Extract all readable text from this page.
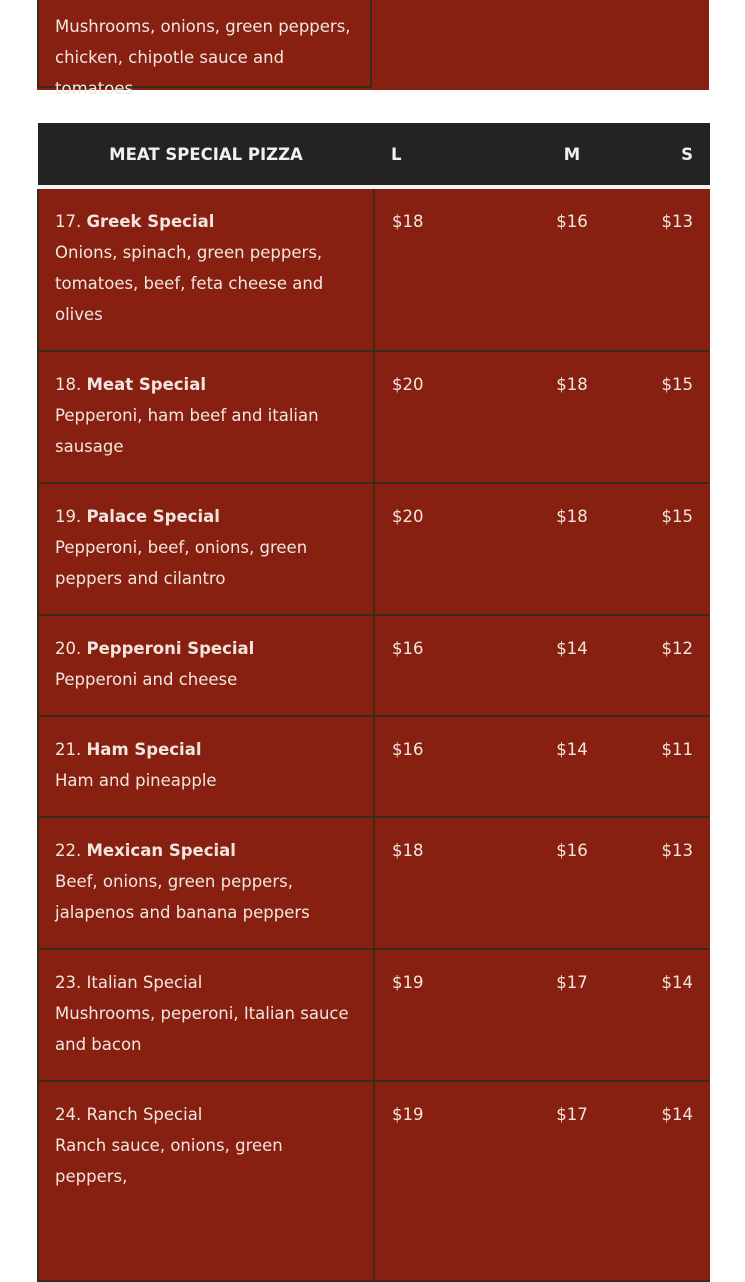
Mushrooms, onions, green peppers, chicken, chipotle sauce and tomatoes
MEAT SPECIAL PIZZA	L	M	S
17. Greek Special
Onions, spinach, green peppers, tomatoes, beef, feta cheese and olives	$18	$16	$13
18. Meat Special
Pepperoni, ham beef and italian sausage	$20	$18	$15
19. Palace Special
Pepperoni, beef, onions, green peppers and cilantro	$20	$18	$15
20. Pepperoni Special
Pepperoni and cheese	$16	$14	$12
21. Ham Special
Ham and pineapple	$16	$14	$11
22. Mexican Special
Beef, onions, green peppers, jalapenos and banana peppers	$18	$16	$13
23. Italian Special
Mushrooms, peperoni, Italian sauce and bacon	$19	$17	$14
24. Ranch Special
Ranch sauce, onions, green peppers,	$19	$17	$14
